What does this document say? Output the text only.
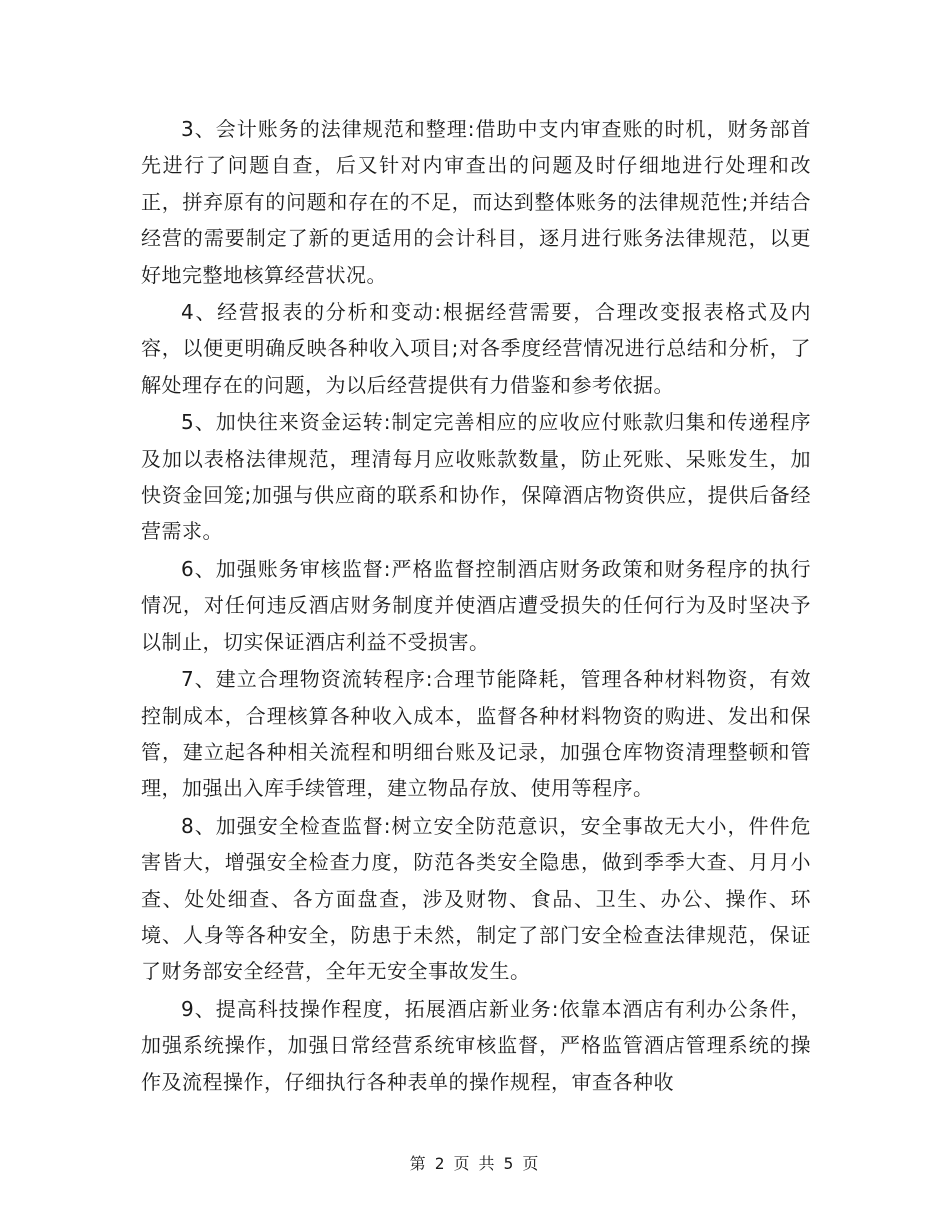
3、会计账务的法律规范和整理:借助中支内审查账的时机，财务部首先进行了问题自查，后又针对内审查出的问题及时仔细地进行处理和改正，拼弃原有的问题和存在的不足，而达到整体账务的法律规范性;并结合经营的需要制定了新的更适用的会计科目，逐月进行账务法律规范，以更好地完整地核算经营状况。

4、经营报表的分析和变动:根据经营需要，合理改变报表格式及内容，以便更明确反映各种收入项目;对各季度经营情况进行总结和分析，了解处理存在的问题，为以后经营提供有力借鉴和参考依据。

5、加快往来资金运转:制定完善相应的应收应付账款归集和传递程序及加以表格法律规范，理清每月应收账款数量，防止死账、呆账发生，加快资金回笼;加强与供应商的联系和协作，保障酒店物资供应，提供后备经营需求。

6、加强账务审核监督:严格监督控制酒店财务政策和财务程序的执行情况，对任何违反酒店财务制度并使酒店遭受损失的任何行为及时坚决予以制止，切实保证酒店利益不受损害。

7、建立合理物资流转程序:合理节能降耗，管理各种材料物资，有效控制成本，合理核算各种收入成本，监督各种材料物资的购进、发出和保管，建立起各种相关流程和明细台账及记录，加强仓库物资清理整顿和管理，加强出入库手续管理，建立物品存放、使用等程序。

8、加强安全检查监督:树立安全防范意识，安全事故无大小，件件危害皆大，增强安全检查力度，防范各类安全隐患，做到季季大查、月月小查、处处细查、各方面盘查，涉及财物、食品、卫生、办公、操作、环境、人身等各种安全，防患于未然，制定了部门安全检查法律规范，保证了财务部安全经营，全年无安全事故发生。

9、提高科技操作程度，拓展酒店新业务:依靠本酒店有利办公条件，加强系统操作，加强日常经营系统审核监督，严格监管酒店管理系统的操作及流程操作，仔细执行各种表单的操作规程，审查各种收

第 2 页 共 5 页
